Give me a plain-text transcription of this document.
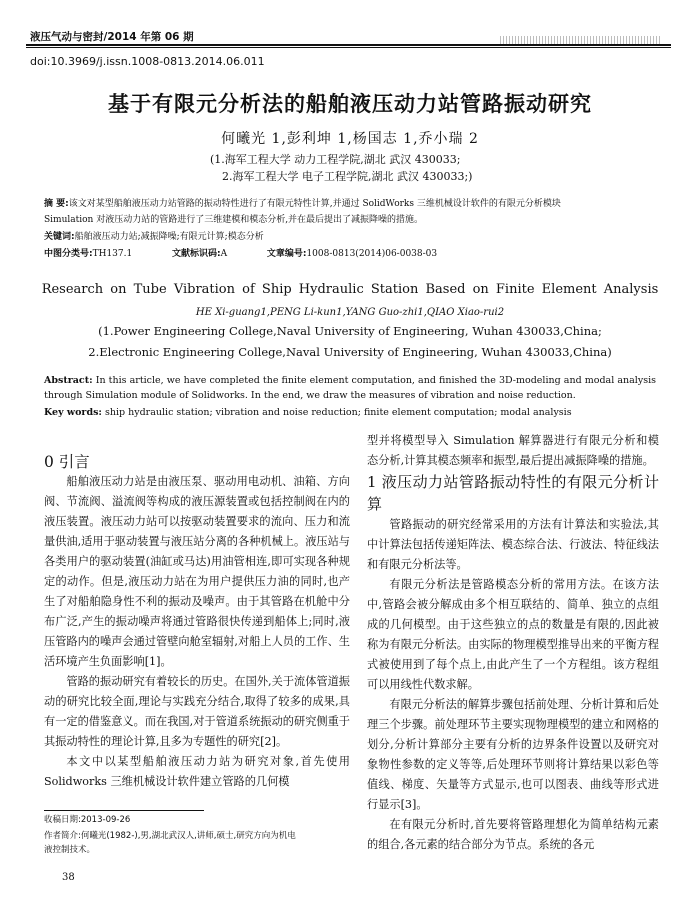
液压气动与密封/2014 年第 06 期
doi:10.3969/j.issn.1008-0813.2014.06.011
基于有限元分析法的船舶液压动力站管路振动研究
何曦光 1,彭利坤 1,杨国志 1,乔小瑞 2
(1.海军工程大学 动力工程学院,湖北 武汉 430033;
2.海军工程大学 电子工程学院,湖北 武汉 430033;)
摘 要:该文对某型船舶液压动力站管路的振动特性进行了有限元特性计算,并通过 SolidWorks 三维机械设计软件的有限元分析模块
Simulation 对液压动力站的管路进行了三维建模和模态分析,并在最后提出了减振降噪的措施。
关键词:船舶液压动力站;减振降噪;有限元计算;模态分析
中图分类号:TH137.1	文献标识码:A	文章编号:1008-0813(2014)06-0038-03
Research on Tube Vibration of Ship Hydraulic Station Based on Finite Element Analysis
HE Xi-guang1,PENG Li-kun1,YANG Guo-zhi1,QIAO Xiao-rui2
(1.Power Engineering College,Naval University of Engineering, Wuhan 430033,China;
2.Electronic Engineering College,Naval University of Engineering, Wuhan 430033,China)
Abstract: In this article, we have completed the finite element computation, and finished the 3D-modeling and modal analysis through Simulation module of Solidworks. In the end, we draw the measures of vibration and noise reduction.
Key words: ship hydraulic station; vibration and noise reduction; finite element computation; modal analysis

0 引言

船舶液压动力站是由液压泵、驱动用电动机、油箱、方向阀、节流阀、溢流阀等构成的液压源装置或包括控制阀在内的液压装置。液压动力站可以按驱动装置要求的流向、压力和流量供油,适用于驱动装置与液压站分离的各种机械上。液压站与各类用户的驱动装置(油缸或马达)用油管相连,即可实现各种规定的动作。但是,液压动力站在为用户提供压力油的同时,也产生了对船舶隐身性不利的振动及噪声。由于其管路在机舱中分布广泛,产生的振动噪声将通过管路很快传递到船体上;同时,液压管路内的噪声会通过管壁向舱室辐射,对船上人员的工作、生活环境产生负面影响[1]。

管路的振动研究有着较长的历史。在国外,关于流体管道振动的研究比较全面,理论与实践充分结合,取得了较多的成果,具有一定的借鉴意义。而在我国,对于管道系统振动的研究侧重于其振动特性的理论计算,且多为专题性的研究[2]。

本文中以某型船舶液压动力站为研究对象,首先使用 Solidworks 三维机械设计软件建立管路的几何模

型并将模型导入 Simulation 解算器进行有限元分析和模态分析,计算其模态频率和振型,最后提出减振降噪的措施。

1 液压动力站管路振动特性的有限元分析计算

管路振动的研究经常采用的方法有计算法和实验法,其中计算法包括传递矩阵法、模态综合法、行波法、特征线法和有限元分析法等。

有限元分析法是管路模态分析的常用方法。在该方法中,管路会被分解成由多个相互联结的、简单、独立的点组成的几何模型。由于这些独立的点的数量是有限的,因此被称为有限元分析法。由实际的物理模型推导出来的平衡方程式被使用到了每个点上,由此产生了一个方程组。该方程组可以用线性代数求解。

有限元分析法的解算步骤包括前处理、分析计算和后处理三个步骤。前处理环节主要实现物理模型的建立和网格的划分,分析计算部分主要有分析的边界条件设置以及研究对象物性参数的定义等等,后处理环节则将计算结果以彩色等值线、梯度、矢量等方式显示,也可以图表、曲线等形式进行显示[3]。

在有限元分析时,首先要将管路理想化为简单结构元素的组合,各元素的结合部分为节点。系统的各元

收稿日期:2013-09-26
作者简介:何曦光(1982-),男,湖北武汉人,讲师,硕士,研究方向为机电
液控制技术。
38
